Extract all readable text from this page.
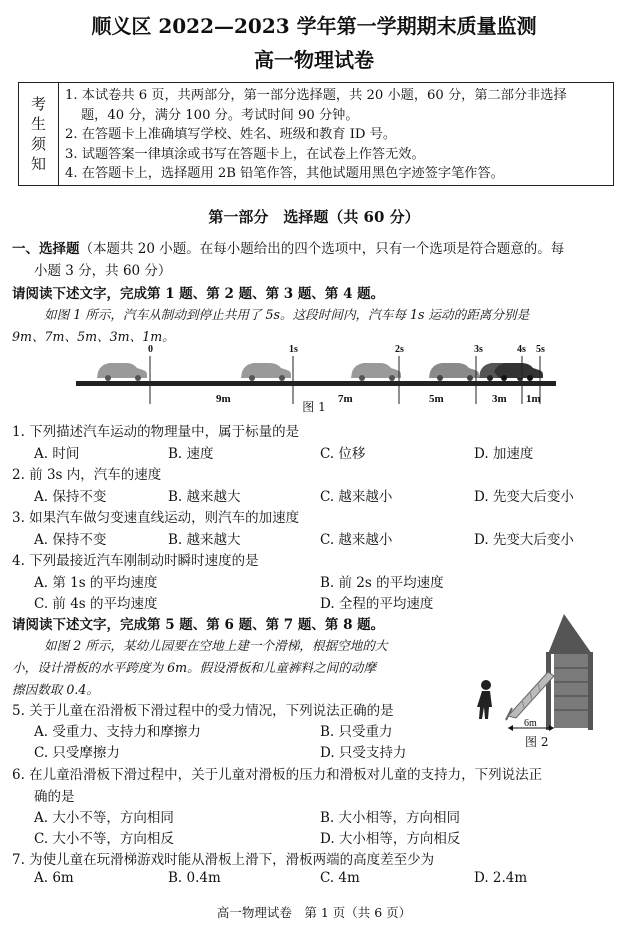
顺义区 2022—2023 学年第一学期期末质量监测
高一物理试卷
考
生
须
知
1. 本试卷共 6 页，共两部分，第一部分选择题，共 20 小题，60 分，第二部分非选择
题，40 分，满分 100 分。考试时间 90 分钟。
2. 在答题卡上准确填写学校、姓名、班级和教育 ID 号。
3. 试题答案一律填涂或书写在答题卡上，在试卷上作答无效。
4. 在答题卡上，选择题用 2B 铅笔作答，其他试题用黑色字迹签字笔作答。
第一部分　选择题（共 60 分）
一、选择题（本题共 20 小题。在每小题给出的四个选项中，只有一个选项是符合题意的。每
小题 3 分，共 60 分）
请阅读下述文字，完成第 1 题、第 2 题、第 3 题、第 4 题。
如图 1 所示，汽车从制动到停止共用了 5s。这段时间内，汽车每 1s 运动的距离分别是
9m、7m、5m、3m、1m。
0	1s	2s	3s	4s 5s
9m	7m	5m	3m 1m
图 1
1. 下列描述汽车运动的物理量中，属于标量的是
A. 时间	B. 速度	C. 位移	D. 加速度
2. 前 3s 内，汽车的速度
A. 保持不变	B. 越来越大	C. 越来越小	D. 先变大后变小
3. 如果汽车做匀变速直线运动，则汽车的加速度
A. 保持不变	B. 越来越大	C. 越来越小	D. 先变大后变小
4. 下列最接近汽车刚制动时瞬时速度的是
A. 第 1s 的平均速度	B. 前 2s 的平均速度
C. 前 4s 的平均速度	D. 全程的平均速度
请阅读下述文字，完成第 5 题、第 6 题、第 7 题、第 8 题。
如图 2 所示，某幼儿园要在空地上建一个滑梯，根据空地的大
小，设计滑板的水平跨度为 6m。假设滑板和儿童裤料之间的动摩
擦因数取 0.4。
6m
图 2
5. 关于儿童在沿滑板下滑过程中的受力情况，下列说法正确的是
A. 受重力、支持力和摩擦力	B. 只受重力
C. 只受摩擦力	D. 只受支持力
6. 在儿童沿滑板下滑过程中，关于儿童对滑板的压力和滑板对儿童的支持力，下列说法正
确的是
A. 大小不等，方向相同	B. 大小相等，方向相同
C. 大小不等，方向相反	D. 大小相等，方向相反
7. 为使儿童在玩滑梯游戏时能从滑板上滑下，滑板两端的高度差至少为
A. 6m	B. 0.4m	C. 4m	D. 2.4m
高一物理试卷　第 1 页（共 6 页）
